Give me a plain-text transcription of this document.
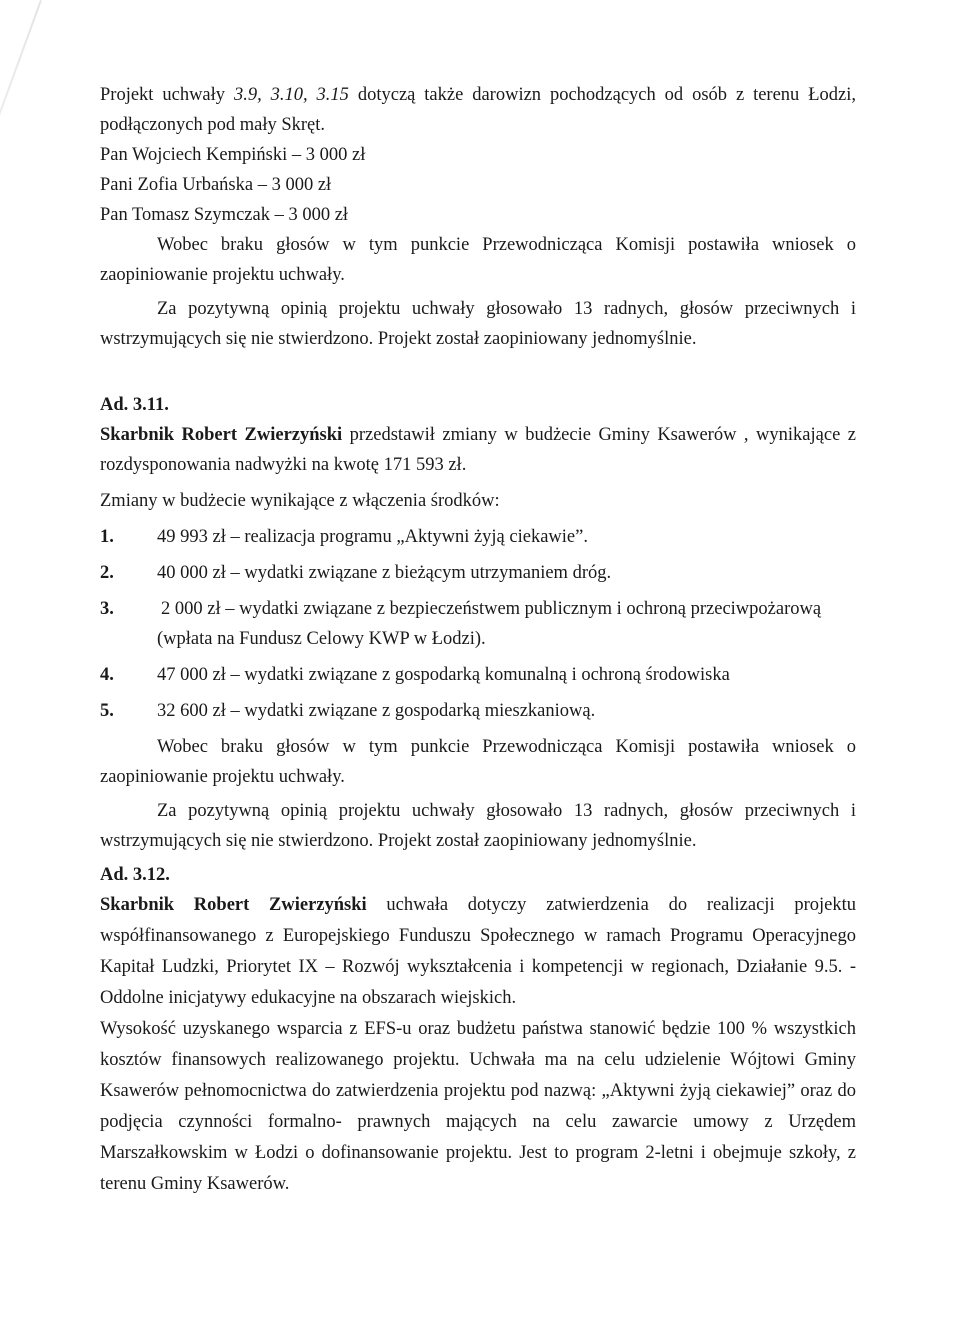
Projekt uchwały 3.9, 3.10, 3.15 dotyczą także darowizn pochodzących od osób z terenu Łodzi, podłączonych pod mały Skręt.

Pan Wojciech Kempiński – 3 000 zł

Pani Zofia Urbańska – 3 000 zł

Pan Tomasz Szymczak – 3 000 zł

Wobec braku głosów w tym punkcie Przewodnicząca Komisji postawiła wniosek o zaopiniowanie projektu uchwały.

Za pozytywną opinią projektu uchwały głosowało 13 radnych, głosów przeciwnych i wstrzymujących się nie stwierdzono. Projekt został zaopiniowany jednomyślnie.

Ad. 3.11.

Skarbnik Robert Zwierzyński przedstawił zmiany w budżecie Gminy Ksawerów , wynikające z rozdysponowania nadwyżki na kwotę 171 593 zł.

Zmiany w budżecie wynikające z włączenia środków:

1.	49 993 zł – realizacja programu „Aktywni żyją ciekawie”.
2.	40 000 zł – wydatki związane z bieżącym utrzymaniem dróg.
3.	2 000 zł – wydatki związane z bezpieczeństwem publicznym i ochroną przeciwpożarową
(wpłata na Fundusz Celowy KWP w Łodzi).
4.	47 000 zł – wydatki związane z gospodarką komunalną i ochroną środowiska
5.	32 600 zł – wydatki związane z gospodarką mieszkaniową.

Wobec braku głosów w tym punkcie Przewodnicząca Komisji postawiła wniosek o zaopiniowanie projektu uchwały.

Za pozytywną opinią projektu uchwały głosowało 13 radnych, głosów przeciwnych i wstrzymujących się nie stwierdzono. Projekt został zaopiniowany jednomyślnie.

Ad. 3.12.

Skarbnik Robert Zwierzyński uchwała dotyczy zatwierdzenia do realizacji projektu współfinansowanego z Europejskiego Funduszu Społecznego w ramach Programu Operacyjnego Kapitał Ludzki, Priorytet IX – Rozwój wykształcenia i kompetencji w regionach, Działanie 9.5. - Oddolne inicjatywy edukacyjne na obszarach wiejskich.

Wysokość uzyskanego wsparcia z EFS-u oraz budżetu państwa stanowić będzie 100 % wszystkich kosztów finansowych realizowanego projektu. Uchwała ma na celu udzielenie Wójtowi Gminy Ksawerów pełnomocnictwa do zatwierdzenia projektu pod nazwą: „Aktywni żyją ciekawiej” oraz do podjęcia czynności formalno- prawnych mających na celu zawarcie umowy z Urzędem Marszałkowskim w Łodzi o dofinansowanie projektu. Jest to program 2-letni i obejmuje szkoły, z terenu Gminy Ksawerów.
